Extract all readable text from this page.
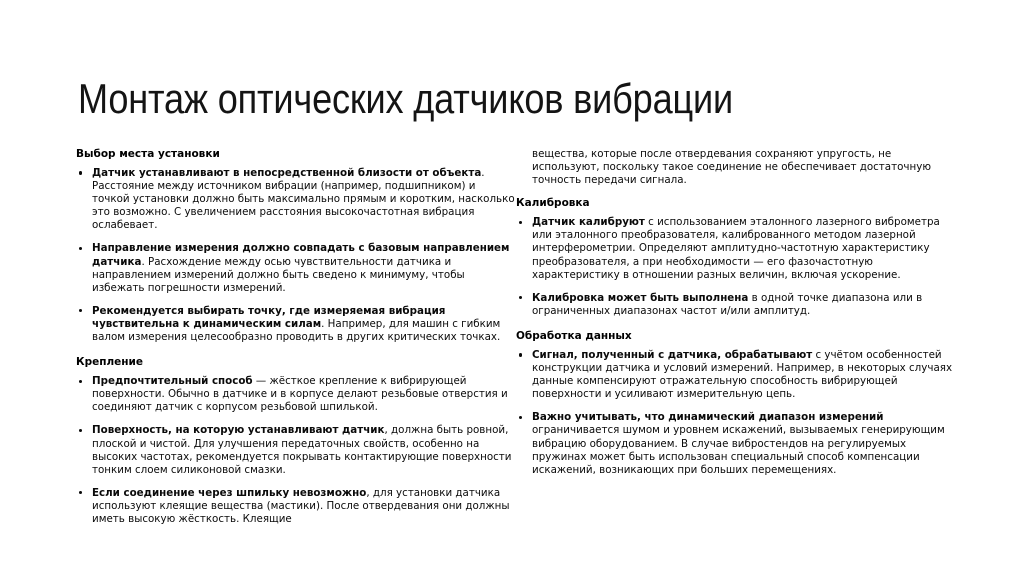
Монтаж оптических датчиков вибрации
Выбор места установки
Датчик устанавливают в непосредственной близости от объекта. Расстояние между источником вибрации (например, подшипником) и точкой установки должно быть максимально прямым и коротким, насколько это возможно. С увеличением расстояния высокочастотная вибрация ослабевает.
Направление измерения должно совпадать с базовым направлением датчика. Расхождение между осью чувствительности датчика и направлением измерений должно быть сведено к минимуму, чтобы избежать погрешности измерений.
Рекомендуется выбирать точку, где измеряемая вибрация чувствительна к динамическим силам. Например, для машин с гибким валом измерения целесообразно проводить в других критических точках.
Крепление
Предпочтительный способ — жёсткое крепление к вибрирующей поверхности. Обычно в датчике и в корпусе делают резьбовые отверстия и соединяют датчик с корпусом резьбовой шпилькой.
Поверхность, на которую устанавливают датчик, должна быть ровной, плоской и чистой. Для улучшения передаточных свойств, особенно на высоких частотах, рекомендуется покрывать контактирующие поверхности тонким слоем силиконовой смазки.
Если соединение через шпильку невозможно, для установки датчика используют клеящие вещества (мастики). После отвердевания они должны иметь высокую жёсткость. Клеящие

вещества, которые после отвердевания сохраняют упругость, не используют, поскольку такое соединение не обеспечивает достаточную точность передачи сигнала.

Калибровка
Датчик калибруют с использованием эталонного лазерного виброметра или эталонного преобразователя, калиброванного методом лазерной интерферометрии. Определяют амплитудно-частотную характеристику преобразователя, а при необходимости — его фазочастотную характеристику в отношении разных величин, включая ускорение.
Калибровка может быть выполнена в одной точке диапазона или в ограниченных диапазонах частот и/или амплитуд.
Обработка данных
Сигнал, полученный с датчика, обрабатывают с учётом особенностей конструкции датчика и условий измерений. Например, в некоторых случаях данные компенсируют отражательную способность вибрирующей поверхности и усиливают измерительную цепь.
Важно учитывать, что динамический диапазон измерений ограничивается шумом и уровнем искажений, вызываемых генерирующим вибрацию оборудованием. В случае вибростендов на регулируемых пружинах может быть использован специальный способ компенсации искажений, возникающих при больших перемещениях.
